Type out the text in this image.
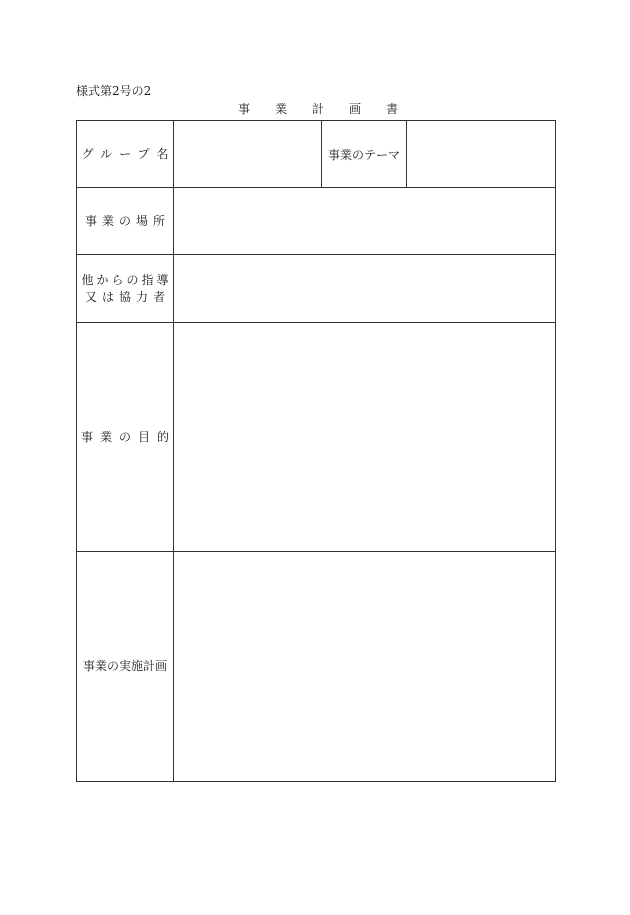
様式第2号の2
事 業 計 画 書
グループ名	事業のテーマ
事業の場所
他からの指導
又は協力者
事業の目的
事業の実施計画
